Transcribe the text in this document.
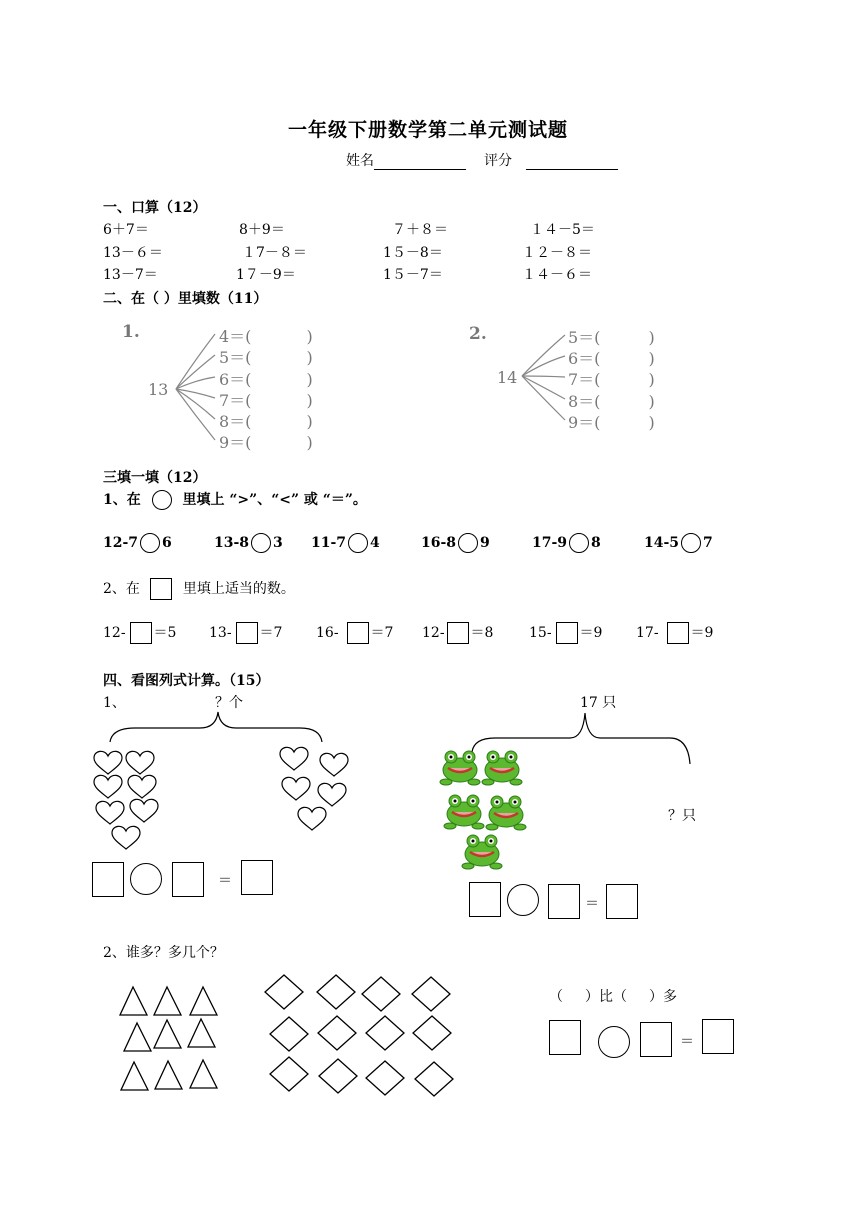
一年级下册数学第二单元测试题
姓名	评分
一、口算（12）
6＋7＝	8＋9＝	７＋８＝	１４－5＝
13－６＝	１7－８＝	1５－8＝	１２－８＝
13－7＝	1７－9＝	1５－7＝	１４－６＝
二、在（ ）里填数（11）
1.
13
4＝(	)
5＝(	)
6＝(	)
7＝(	)
8＝(	)
9＝(	)
2.
14
5＝(	)
6＝(	)
7＝(	)
8＝(	)
9＝(	)
三填一填（12）
1、在	里填上 “>”、“<” 或 “＝”。
12-7 6	13-8 3 11-7 4	16-8 9	17-9 8	14-5 7
2、在	里填上适当的数。
12- ＝5 13- ＝7 16- ＝7 12- ＝8	15- ＝9 17- ＝9
四、看图列式计算。（15）
1、	？个
＝
17 只
？只
＝
2、谁多？多几个？
（ ）比（ ）多
＝
